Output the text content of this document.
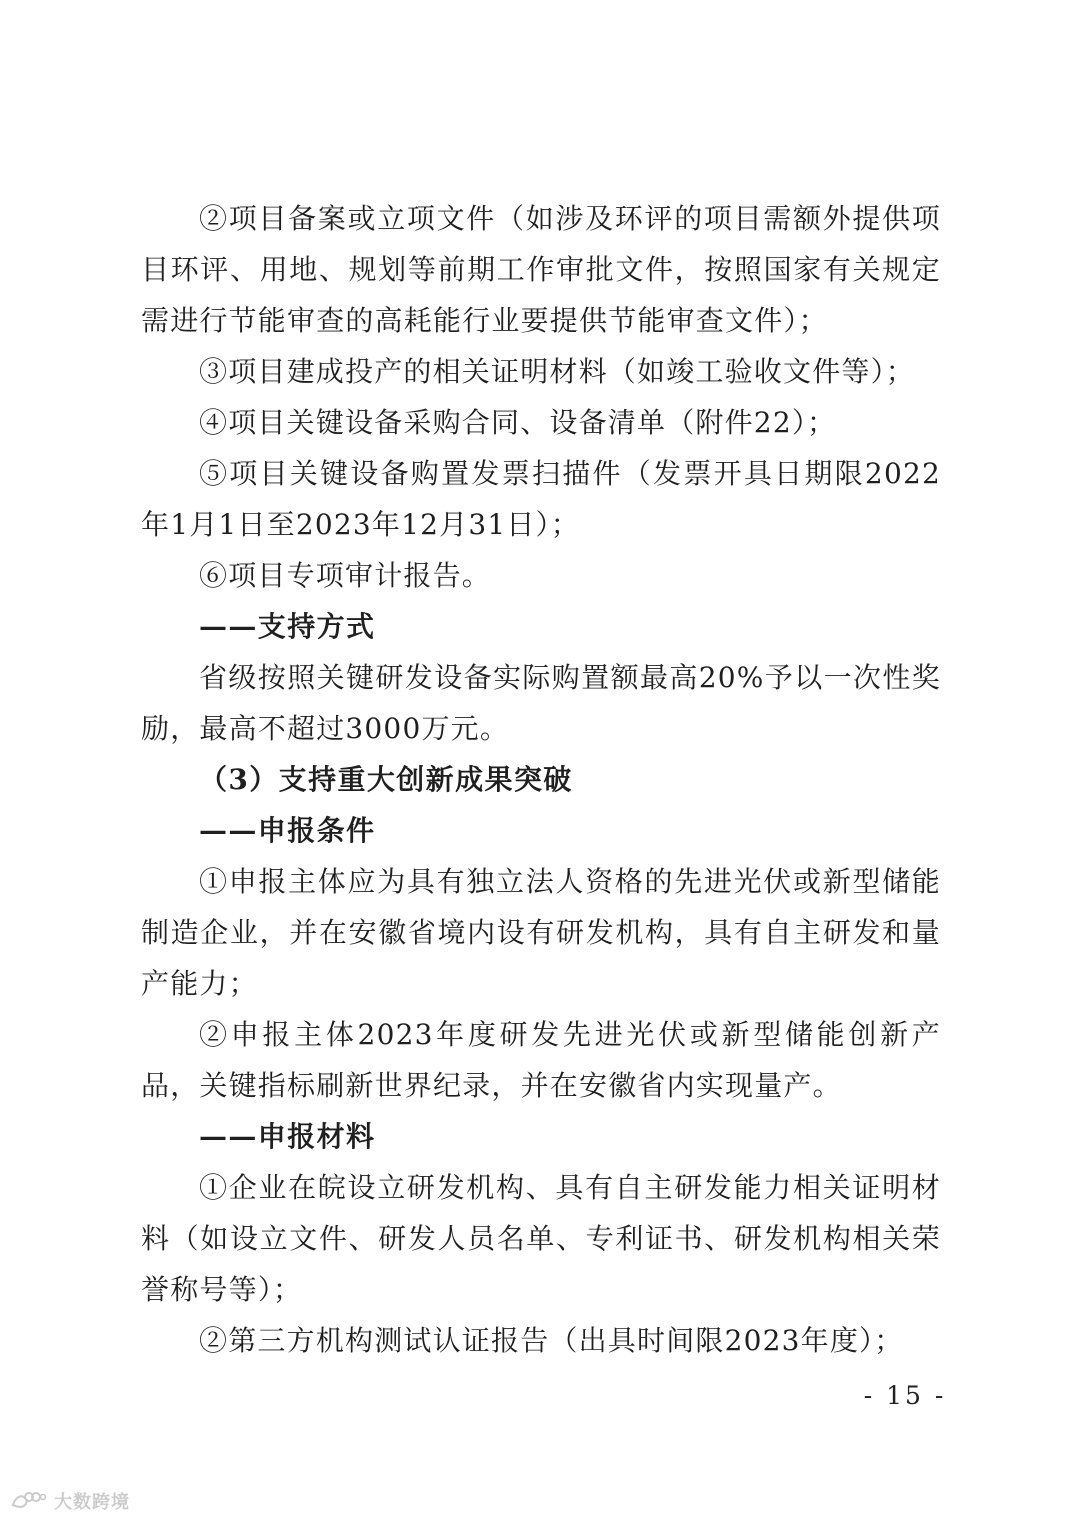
②项目备案或立项文件（如涉及环评的项目需额外提供项目环评、用地、规划等前期工作审批文件，按照国家有关规定需进行节能审查的高耗能行业要提供节能审查文件）；

③项目建成投产的相关证明材料（如竣工验收文件等）；

④项目关键设备采购合同、设备清单（附件22）；

⑤项目关键设备购置发票扫描件（发票开具日期限2022年1月1日至2023年12月31日）；

⑥项目专项审计报告。

——支持方式

省级按照关键研发设备实际购置额最高20%予以一次性奖励，最高不超过3000万元。

（3）支持重大创新成果突破

——申报条件

①申报主体应为具有独立法人资格的先进光伏或新型储能制造企业，并在安徽省境内设有研发机构，具有自主研发和量产能力；

②申报主体2023年度研发先进光伏或新型储能创新产品，关键指标刷新世界纪录，并在安徽省内实现量产。

——申报材料

①企业在皖设立研发机构、具有自主研发能力相关证明材料（如设立文件、研发人员名单、专利证书、研发机构相关荣誉称号等）；

②第三方机构测试认证报告（出具时间限2023年度）；

- 15 -
大数跨境
